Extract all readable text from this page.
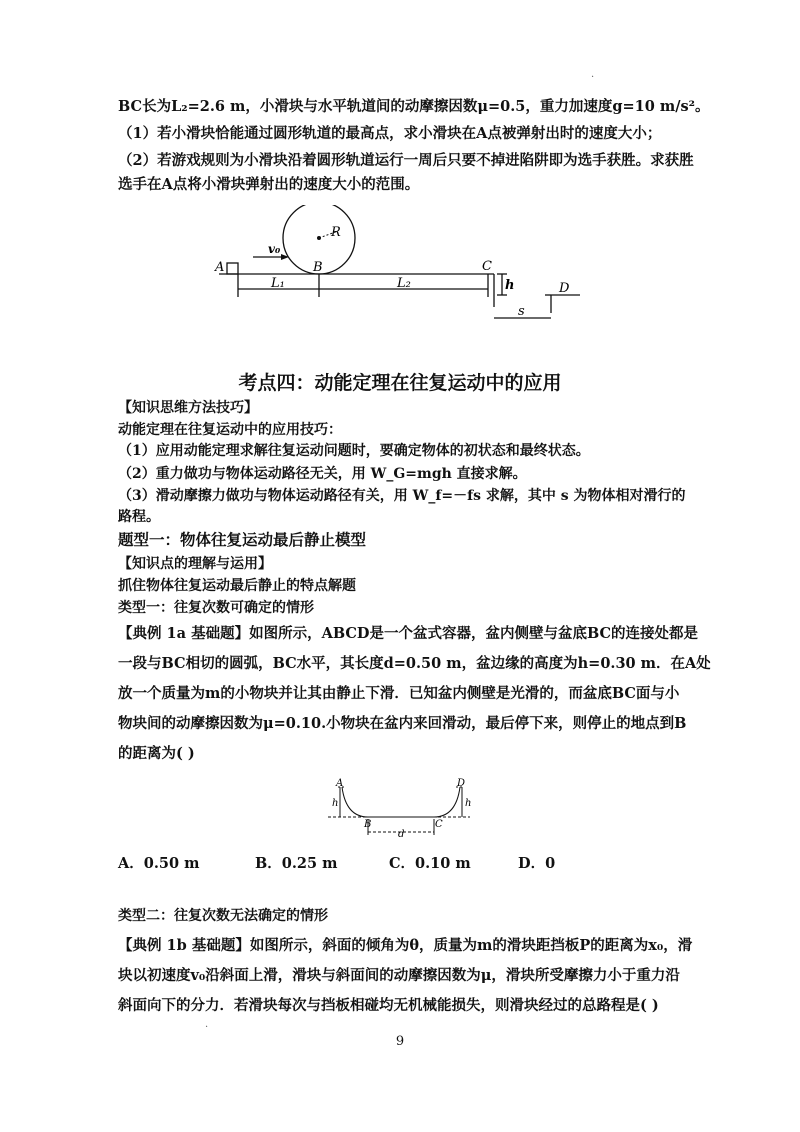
·
BC长为L₂=2.6 m，小滑块与水平轨道间的动摩擦因数μ=0.5，重力加速度g=10 m/s²。
（1）若小滑块恰能通过圆形轨道的最高点，求小滑块在A点被弹射出时的速度大小；
（2）若游戏规则为小滑块沿着圆形轨道运行一周后只要不掉进陷阱即为选手获胜。求获胜
选手在A点将小滑块弹射出的速度大小的范围。
A	B	C
D
R
v₀
L₁	L₂	h
s
考点四：动能定理在往复运动中的应用
【知识思维方法技巧】
动能定理在往复运动中的应用技巧：
（1）应用动能定理求解往复运动问题时，要确定物体的初状态和最终状态。
（2）重力做功与物体运动路径无关，用 W_G=mgh 直接求解。
（3）滑动摩擦力做功与物体运动路径有关，用 W_f=－fs 求解，其中 s 为物体相对滑行的
路程。
题型一：物体往复运动最后静止模型
【知识点的理解与运用】
抓住物体往复运动最后静止的特点解题
类型一：往复次数可确定的情形
【典例 1a 基础题】如图所示，ABCD是一个盆式容器，盆内侧壁与盆底BC的连接处都是
一段与BC相切的圆弧，BC水平，其长度d=0.50 m，盆边缘的高度为h=0.30 m．在A处
放一个质量为m的小物块并让其由静止下滑．已知盆内侧壁是光滑的，而盆底BC面与小
物块间的动摩擦因数为μ=0.10.小物块在盆内来回滑动，最后停下来，则停止的地点到B
的距离为( )
A	D
B	C
h	h
d
A．0.50 m	B．0.25 m	C．0.10 m	D．0
类型二：往复次数无法确定的情形
【典例 1b 基础题】如图所示，斜面的倾角为θ，质量为m的滑块距挡板P的距离为x₀，滑
块以初速度v₀沿斜面上滑，滑块与斜面间的动摩擦因数为μ，滑块所受摩擦力小于重力沿
斜面向下的分力．若滑块每次与挡板相碰均无机械能损失，则滑块经过的总路程是( )
·
9
